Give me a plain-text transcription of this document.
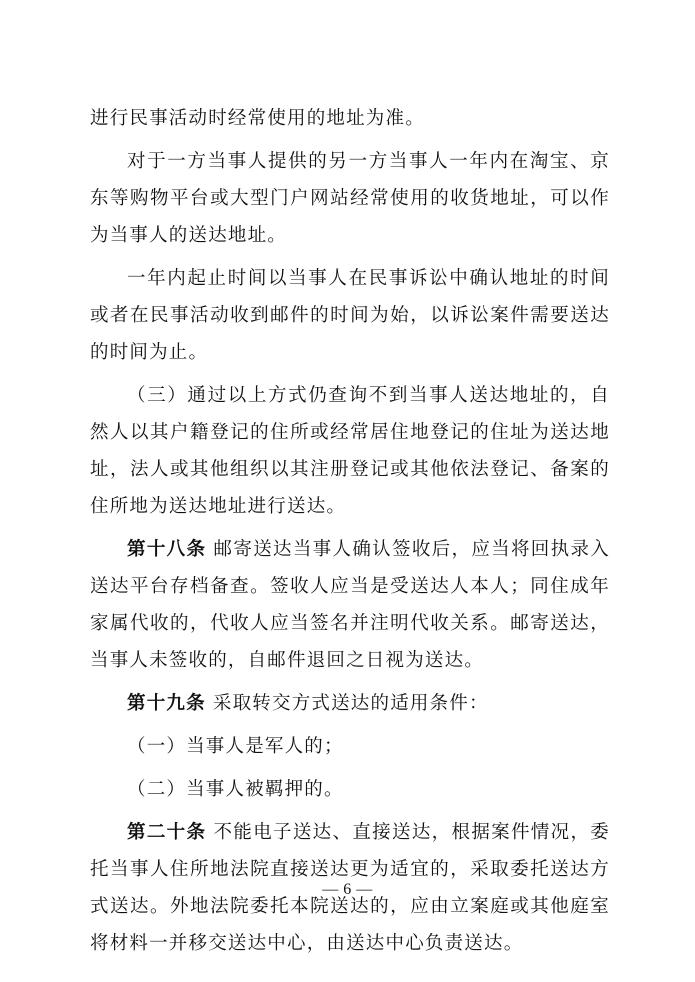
进行民事活动时经常使用的地址为准。

对于一方当事人提供的另一方当事人一年内在淘宝、京东等购物平台或大型门户网站经常使用的收货地址，可以作为当事人的送达地址。

一年内起止时间以当事人在民事诉讼中确认地址的时间或者在民事活动收到邮件的时间为始，以诉讼案件需要送达的时间为止。

（三）通过以上方式仍查询不到当事人送达地址的，自然人以其户籍登记的住所或经常居住地登记的住址为送达地址，法人或其他组织以其注册登记或其他依法登记、备案的住所地为送达地址进行送达。

第十八条 邮寄送达当事人确认签收后，应当将回执录入送达平台存档备查。签收人应当是受送达人本人；同住成年家属代收的，代收人应当签名并注明代收关系。邮寄送达，当事人未签收的，自邮件退回之日视为送达。

第十九条 采取转交方式送达的适用条件：

（一）当事人是军人的；

（二）当事人被羁押的。

第二十条 不能电子送达、直接送达，根据案件情况，委托当事人住所地法院直接送达更为适宜的，采取委托送达方式送达。外地法院委托本院送达的，应由立案庭或其他庭室将材料一并移交送达中心，由送达中心负责送达。

— 6 —
